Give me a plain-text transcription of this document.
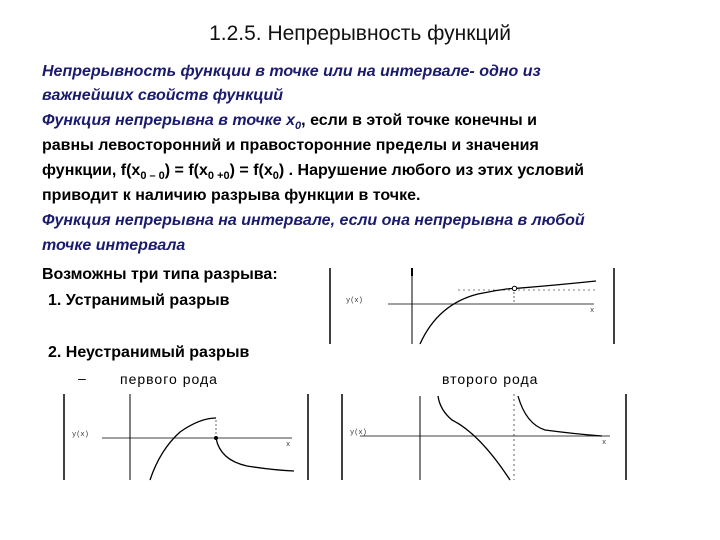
1.2.5. Непрерывность функций
Непрерывность функции в точке или на интервале- одно из
важнейших свойств функций
Функция непрерывна в точке $x_0$, если в этой точке конечны и
равны левосторонний и правосторонние пределы и значения
функции, $f(x_{0 - 0}) = f(x_{0 +0}) = f(x_0)$ . Нарушение любого из этих условий
приводит к наличию разрыва функции в точке.
Функция непрерывна на интервале, если она непрерывна в любой
точке интервала
Возможны три типа разрыва:
1. Устранимый разрыв
2. Неустранимый разрыв
– первого рода	второго рода
y(x)
x
y(x)
x
y(x)
x
